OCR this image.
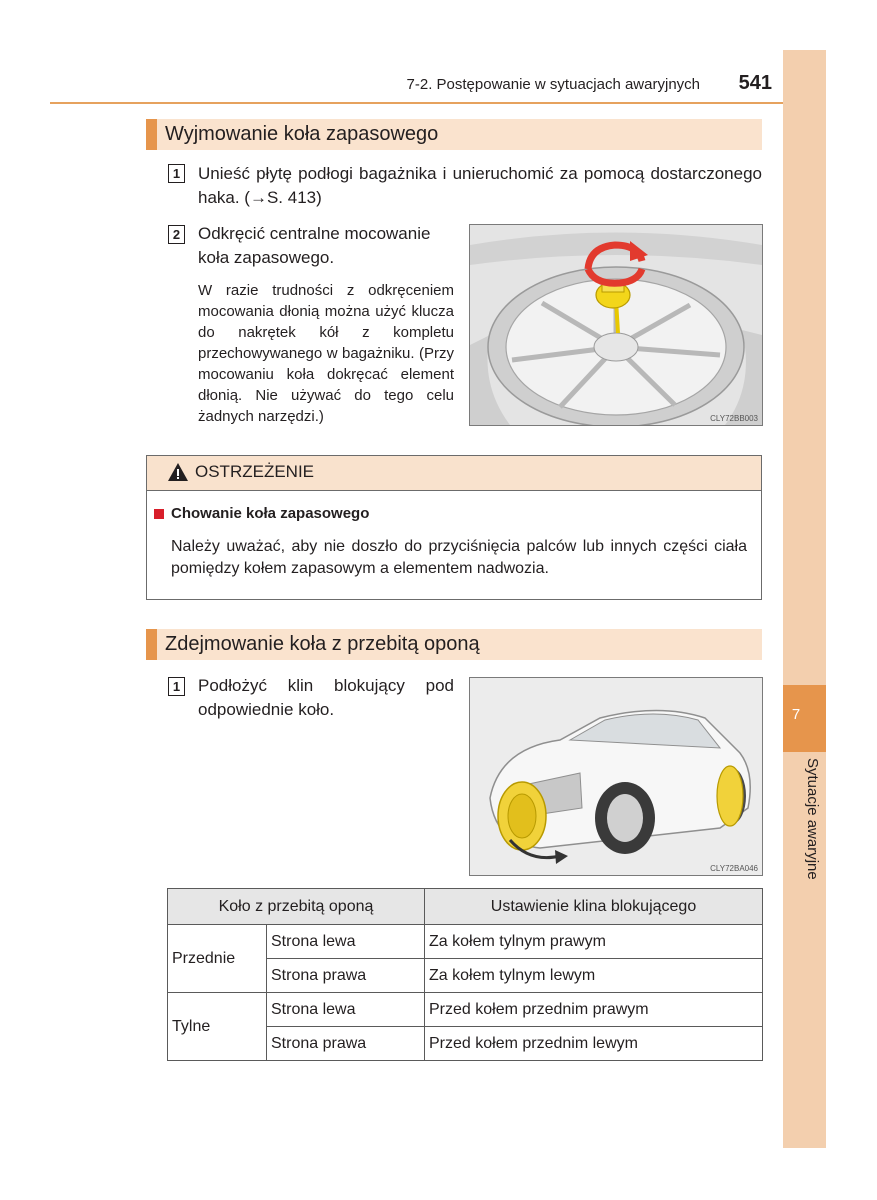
7-2. Postępowanie w sytuacjach awaryjnych	541
7
Sytuacje awaryjne
Wyjmowanie koła zapasowego
1 Unieść płytę podłogi bagażnika i unieruchomić za pomocą dostarczonego haka. (→S. 413)
2 Odkręcić centralne mocowanie koła zapasowego.
W razie trudności z odkręceniem mocowania dłonią można użyć klucza do nakrętek kół z kompletu przechowywanego w bagażniku. (Przy mocowaniu koła dokręcać element dłonią. Nie używać do tego celu żadnych narzędzi.)	CLY72BB003
OSTRZEŻENIE
Chowanie koła zapasowego
Należy uważać, aby nie doszło do przyciśnięcia palców lub innych części ciała pomiędzy kołem zapasowym a elementem nadwozia.
Zdejmowanie koła z przebitą oponą
1 Podłożyć klin blokujący pod odpowiednie koło.
CLY72BA046
Koło z przebitą oponą		Ustawienie klina blokującego
Przednie	Strona lewa	Za kołem tylnym prawym
	Strona prawa	Za kołem tylnym lewym
Tylne	Strona lewa	Przed kołem przednim prawym
	Strona prawa	Przed kołem przednim lewym
